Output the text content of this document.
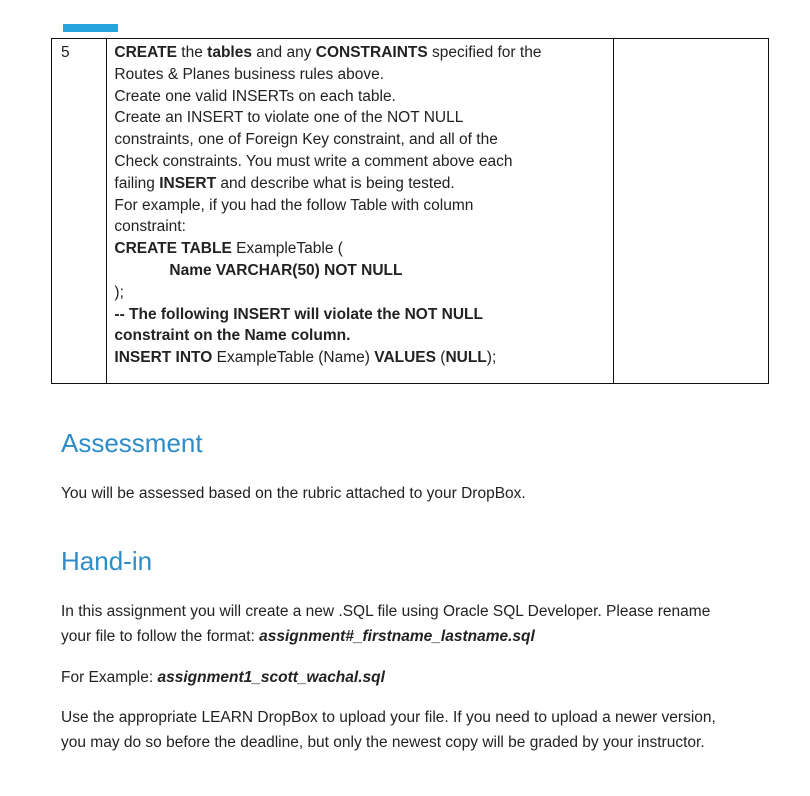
5	CREATE the tables and any CONSTRAINTS specified for the
Routes & Planes business rules above.
Create one valid INSERTs on each table.
Create an INSERT to violate one of the NOT NULL
constraints, one of Foreign Key constraint, and all of the
Check constraints. You must write a comment above each
failing INSERT and describe what is being tested.
For example, if you had the follow Table with column
constraint:
CREATE TABLE ExampleTable (
Name VARCHAR(50) NOT NULL
);
-- The following INSERT will violate the NOT NULL
constraint on the Name column.
INSERT INTO ExampleTable (Name) VALUES (NULL);

Assessment

You will be assessed based on the rubric attached to your DropBox.

Hand-in

In this assignment you will create a new .SQL file using Oracle SQL Developer. Please rename
your file to follow the format: assignment#_firstname_lastname.sql

For Example: assignment1_scott_wachal.sql

Use the appropriate LEARN DropBox to upload your file. If you need to upload a newer version,
you may do so before the deadline, but only the newest copy will be graded by your instructor.
